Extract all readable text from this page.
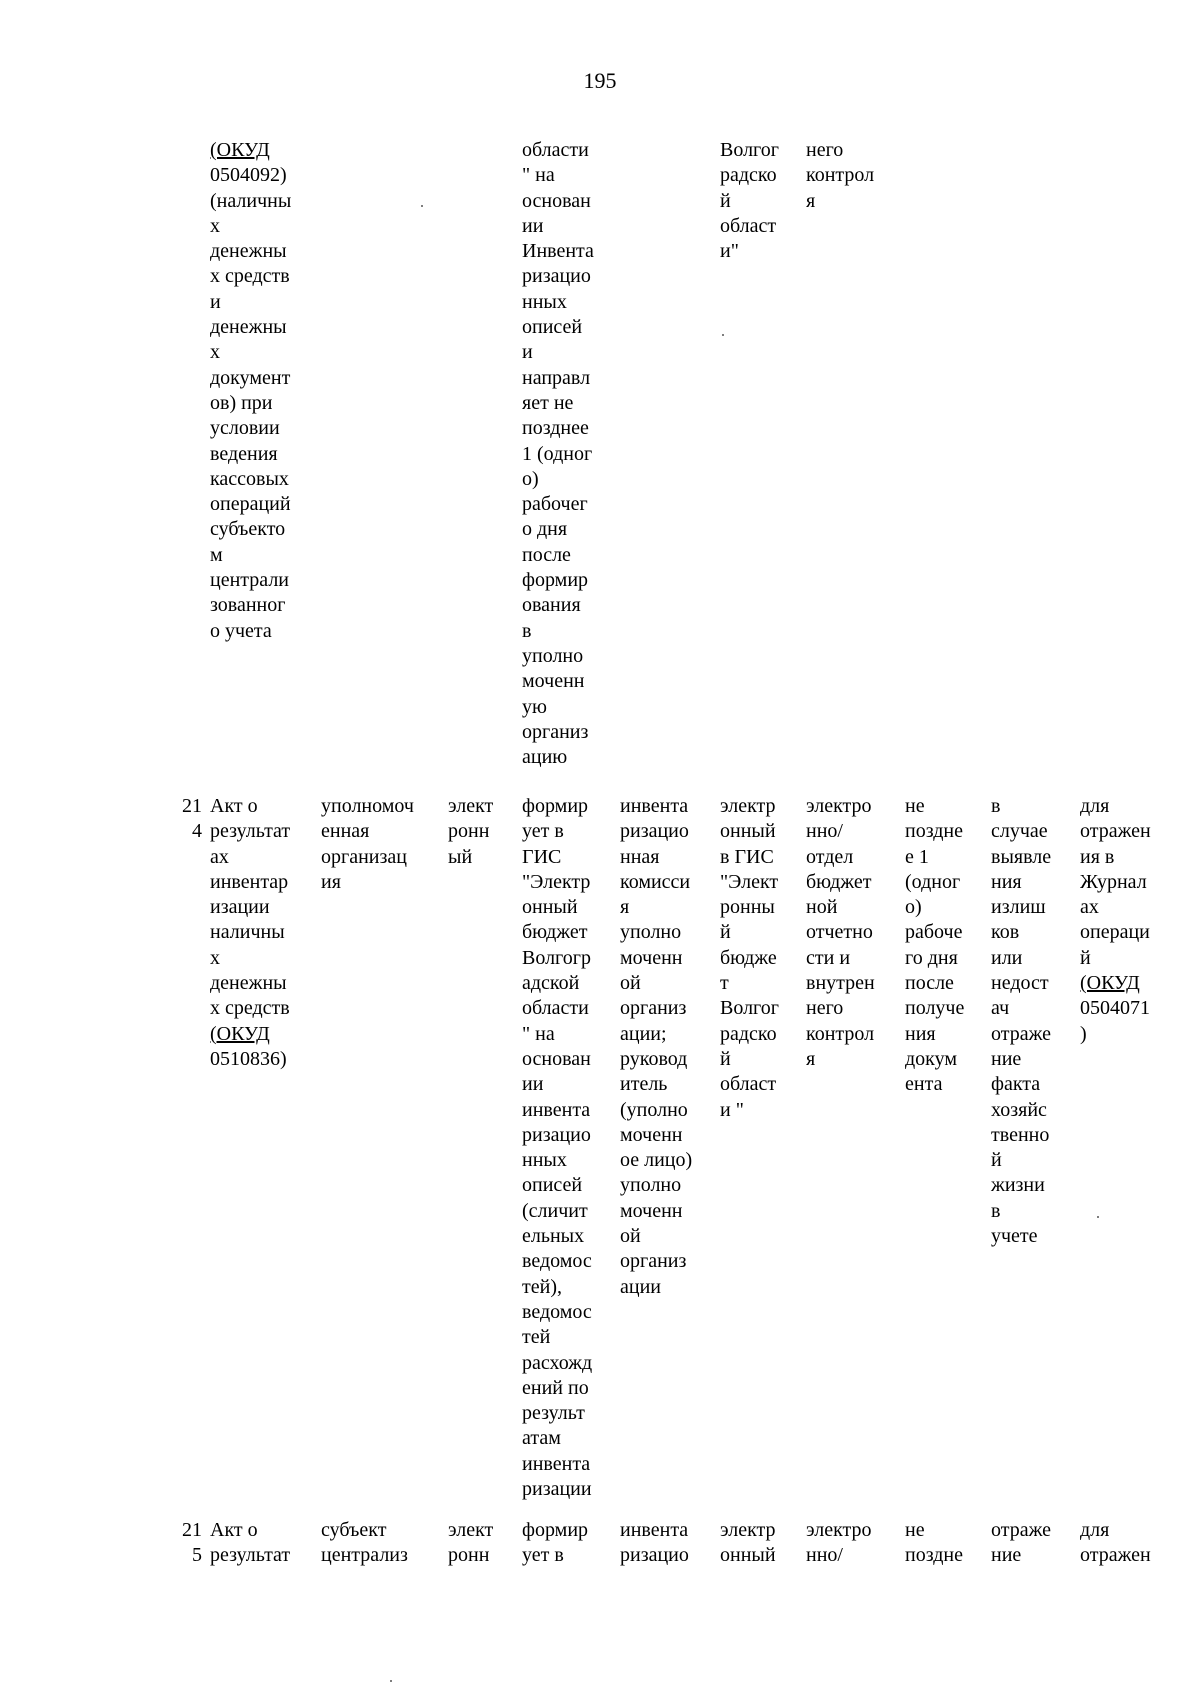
195
(ОКУД
0504092)
(наличны
х
денежны
х средств
и
денежны
х
документ
ов) при
условии
ведения
кассовых
операций
субъекто
м
централи
зованног
о учета
области
" на
основан
ии
Инвента
ризацио
нных
описей
и
направл
яет не
позднее
1 (одног
о)
рабочег
о дня
после
формир
ования
в
уполно
моченн
ую
организ
ацию
Волгог
радско
й
област
и"
него
контрол
я
21
4
Акт о
результат
ах
инвентар
изации
наличны
х
денежны
х средств
(ОКУД
0510836)
уполномоч
енная
организац
ия
элект
ронн
ый
формир
ует в
ГИС
"Электр
онный
бюджет
Волгогр
адской
области
" на
основан
ии
инвента
ризацио
нных
описей
(сличит
ельных
ведомос
тей),
ведомос
тей
расхожд
ений по
результ
атам
инвента
ризации
инвента
ризацио
нная
комисси
я
уполно
моченн
ой
организ
ации;
руковод
итель
(уполно
моченн
ое лицо)
уполно
моченн
ой
организ
ации
электр
онный
в ГИС
"Элект
ронны
й
бюдже
т
Волгог
радско
й
област
и "
электро
нно/
отдел
бюджет
ной
отчетно
сти и
внутрен
него
контрол
я
не
поздне
е 1
(одног
о)
рабоче
го дня
после
получе
ния
докум
ента
в
случае
выявле
ния
излиш
ков
или
недост
ач
отраже
ние
факта
хозяйс
твенно
й
жизни
в
учете
для
отражен
ия в
Журнал
ах
операци
й
(ОКУД
0504071
)
21
5
Акт о
результат
субъект
централиз
элект
ронн
формир
ует в
инвента
ризацио
электр
онный
электро
нно/
не
поздне
отраже
ние
для
отражен
